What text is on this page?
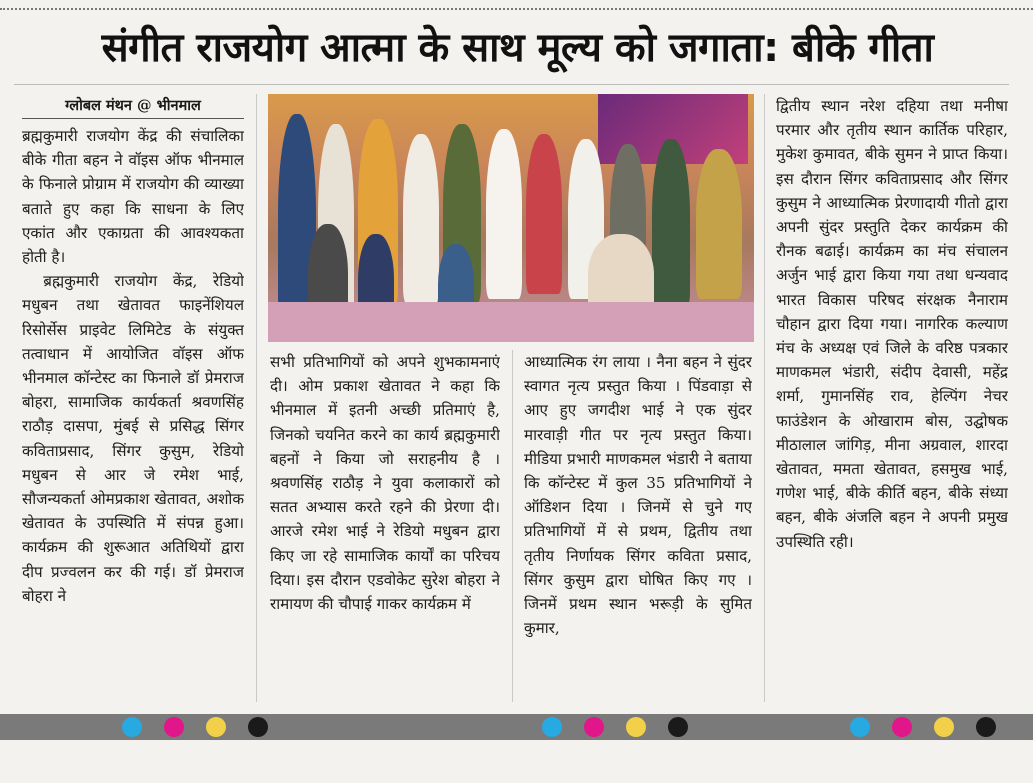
संगीत राजयोग आत्मा के साथ मूल्य को जगाता: बीके गीता
ग्लोबल मंथन @ भीनमाल

ब्रह्मकुमारी राजयोग केंद्र की संचालिका बीके गीता बहन ने वॉइस ऑफ भीनमाल के फिनाले प्रोग्राम में राजयोग की व्याख्या बताते हुए कहा कि साधना के लिए एकांत और एकाग्रता की आवश्यकता होती है।

ब्रह्मकुमारी राजयोग केंद्र, रेडियो मधुबन तथा खेतावत फाइनेंशियल रिसोर्सेस प्राइवेट लिमिटेड के संयुक्त तत्वाधान में आयोजित वॉइस ऑफ भीनमाल कॉन्टेस्ट का फिनाले डॉ प्रेमराज बोहरा, सामाजिक कार्यकर्ता श्रवणसिंह राठौड़ दासपा, मुंबई से प्रसिद्ध सिंगर कविताप्रसाद, सिंगर कुसुम, रेडियो मधुबन से आर जे रमेश भाई, सौजन्यकर्ता ओमप्रकाश खेतावत, अशोक खेतावत के उपस्थिति में संपन्न हुआ। कार्यक्रम की शुरूआत अतिथियों द्वारा दीप प्रज्वलन कर की गई। डॉ प्रेमराज बोहरा ने

सभी प्रतिभागियों को अपने शुभकामनाएं दी। ओम प्रकाश खेतावत ने कहा कि भीनमाल में इतनी अच्छी प्रतिमाएं है, जिनको चयनित करने का कार्य ब्रह्मकुमारी बहनों ने किया जो सराहनीय है । श्रवणसिंह राठौड़ ने युवा कलाकारों को सतत अभ्यास करते रहने की प्रेरणा दी। आरजे रमेश भाई ने रेडियो मधुबन द्वारा किए जा रहे सामाजिक कार्यों का परिचय दिया। इस दौरान एडवोकेट सुरेश बोहरा ने रामायण की चौपाई गाकर कार्यक्रम में

आध्यात्मिक रंग लाया । नैना बहन ने सुंदर स्वागत नृत्य प्रस्तुत किया । पिंडवाड़ा से आए हुए जगदीश भाई ने एक सुंदर मारवाड़ी गीत पर नृत्य प्रस्तुत किया। मीडिया प्रभारी माणकमल भंडारी ने बताया कि कॉन्टेस्ट में कुल 35 प्रतिभागियों ने ऑडिशन दिया । जिनमें से चुने गए प्रतिभागियों में से प्रथम, द्वितीय तथा तृतीय निर्णायक सिंगर कविता प्रसाद, सिंगर कुसुम द्वारा घोषित किए गए । जिनमें प्रथम स्थान भरूड़ी के सुमित कुमार,

द्वितीय स्थान नरेश दहिया तथा मनीषा परमार और तृतीय स्थान कार्तिक परिहार, मुकेश कुमावत, बीके सुमन ने प्राप्त किया। इस दौरान सिंगर कविताप्रसाद और सिंगर कुसुम ने आध्यात्मिक प्रेरणादायी गीतो द्वारा अपनी सुंदर प्रस्तुति देकर कार्यक्रम की रौनक बढाई। कार्यक्रम का मंच संचालन अर्जुन भाई द्वारा किया गया तथा धन्यवाद भारत विकास परिषद संरक्षक नैनाराम चौहान द्वारा दिया गया। नागरिक कल्याण मंच के अध्यक्ष एवं जिले के वरिष्ठ पत्रकार माणकमल भंडारी, संदीप देवासी, महेंद्र शर्मा, गुमानसिंह राव, हेल्पिंग नेचर फाउंडेशन के ओखाराम बोस, उद्घोषक मीठालाल जांगिड़, मीना अग्रवाल, शारदा खेतावत, ममता खेतावत, हसमुख भाई, गणेश भाई, बीके कीर्ति बहन, बीके संध्या बहन, बीके अंजलि बहन ने अपनी प्रमुख उपस्थिति रही।
